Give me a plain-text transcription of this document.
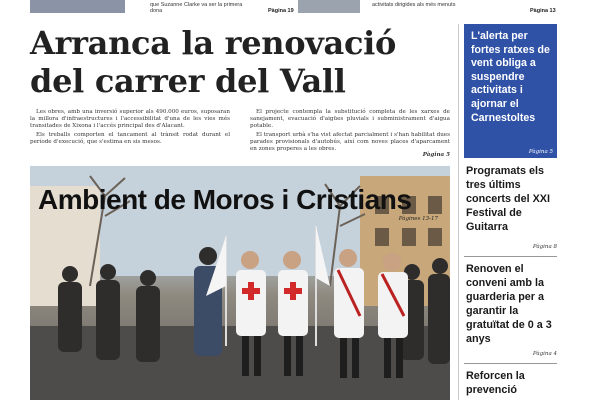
que Suzanne Clarke va ser la primera dona	Pàgina 19
activitats dirigides als més menuts
Pàgina 13
Arranca la renovació del carrer del Vall

Les obres, amb una inversió superior als 490.000 euros, suposaran la millora d'infraestructures i l'accessibilitat d'una de les vies més transitades de Xixona i l'accés principal des d'Alacant.

Els treballs comporten el tancament al trànsit rodat durant el període d'execució, que s'estima en sis mesos.

El projecte contempla la substitució completa de les xarxes de sanejament, evacuació d'aigües pluvials i subministrament d'aigua potable.

El transport urbà s'ha vist afectat parcialment i s'han habilitat dues parades provisionals d'autobús, així com noves places d'aparcament en zones properes a les obres.

Pàgina 5
Ambient de Moros i Cristians
Pàgines 13-17
L'alerta per fortes ratxes de vent obliga a suspendre activitats i ajornar el Carnestoltes
Pàgina 5
Programats els tres últims concerts del XXI Festival de Guitarra
Pàgina 8
Renoven el conveni amb la guarderia per a garantir la gratuïtat de 0 a 3 anys
Pàgina 4
Reforcen la prevenció
